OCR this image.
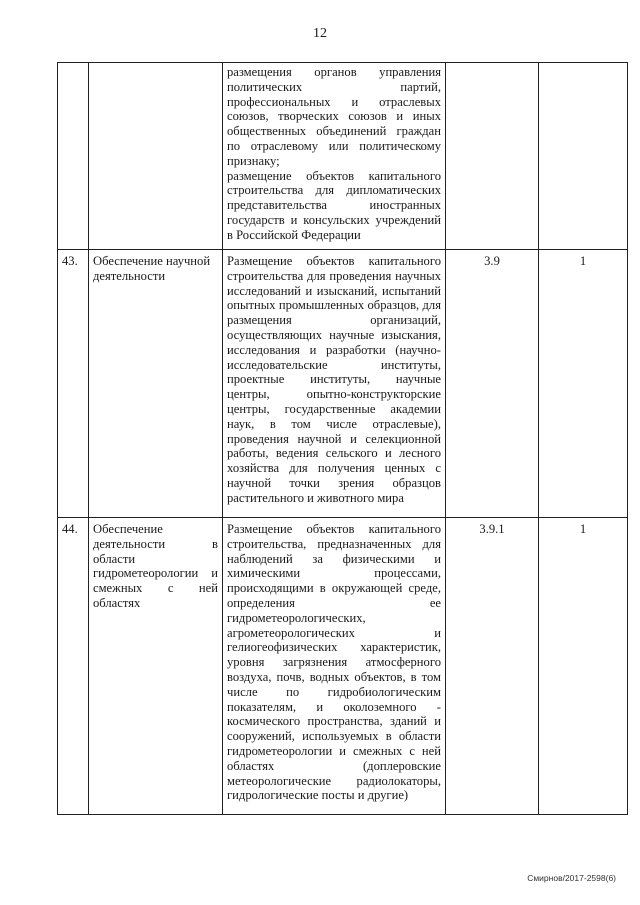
12

		размещения органов управления политических партий, профессиональных и отраслевых союзов, творческих союзов и иных общественных объединений граждан по отраслевому или политическому признаку;
размещение объектов капитального строительства для дипломатических представительства иностранных государств и консульских учреждений в Российской Федерации		

43.	Обеспечение научной деятельности	Размещение объектов капитального строительства для проведения научных исследований и изысканий, испытаний опытных промышленных образцов, для размещения организаций, осуществляющих научные изыскания, исследования и разработки (научно-исследовательские институты, проектные институты, научные центры, опытно-конструкторские центры, государственные академии наук, в том числе отраслевые), проведения научной и селекционной работы, ведения сельского и лесного хозяйства для получения ценных с научной точки зрения образцов растительного и животного мира	3.9	1
44.	Обеспечение деятельности в области гидрометеорологии и смежных с ней областях	Размещение объектов капитального строительства, предназначенных для наблюдений за физическими и химическими процессами, происходящими в окружающей среде, определения ее гидрометеорологических, агрометеорологических и гелиогеофизических характеристик, уровня загрязнения атмосферного воздуха, почв, водных объектов, в том числе по гидробиологическим показателям, и околоземного - космического пространства, зданий и сооружений, используемых в области гидрометеорологии и смежных с ней областях (доплеровские метеорологические радиолокаторы, гидрологические посты и другие)	3.9.1	1
Смирнов/2017-2598(6)
